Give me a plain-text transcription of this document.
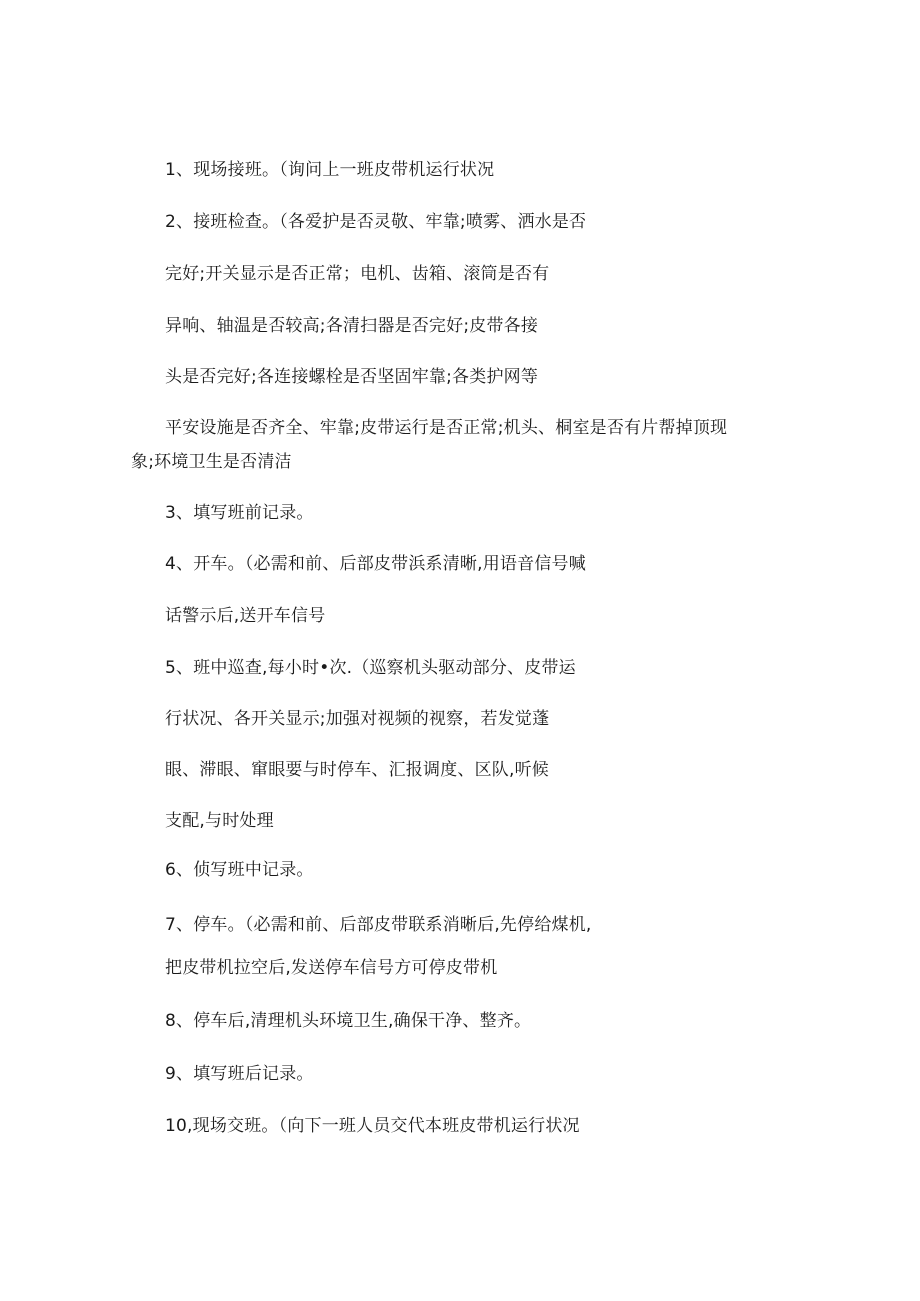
1、现场接班。（询问上一班皮带机运行状况
2、接班检查。（各爱护是否灵敬、牢靠;喷雾、洒水是否
完好;开关显示是否正常；电机、齿箱、滚筒是否有
异响、轴温是否较高;各清扫器是否完好;皮带各接
头是否完好;各连接螺栓是否坚固牢靠;各类护网等
平安设施是否齐全、牢靠;皮带运行是否正常;机头、桐室是否有片帮掉顶现
象;环境卫生是否清洁
3、填写班前记录。
4、开车。（必需和前、后部皮带浜系清晰,用语音信号喊
话警示后,送开车信号
5、班中巡查,每小时•次.（巡察机头驱动部分、皮带运
行状况、各开关显示;加强对视频的视察，若发觉蓬
眼、滞眼、窜眼要与时停车、汇报调度、区队,听候
支配,与时处理
6、侦写班中记录。
7、停车。（必需和前、后部皮带联系消晰后,先停给煤机,
把皮带机拉空后,发送停车信号方可停皮带机
8、停车后,清理机头环境卫生,确保干净、整齐。
9、填写班后记录。
10,现场交班。（向下一班人员交代本班皮带机运行状况
